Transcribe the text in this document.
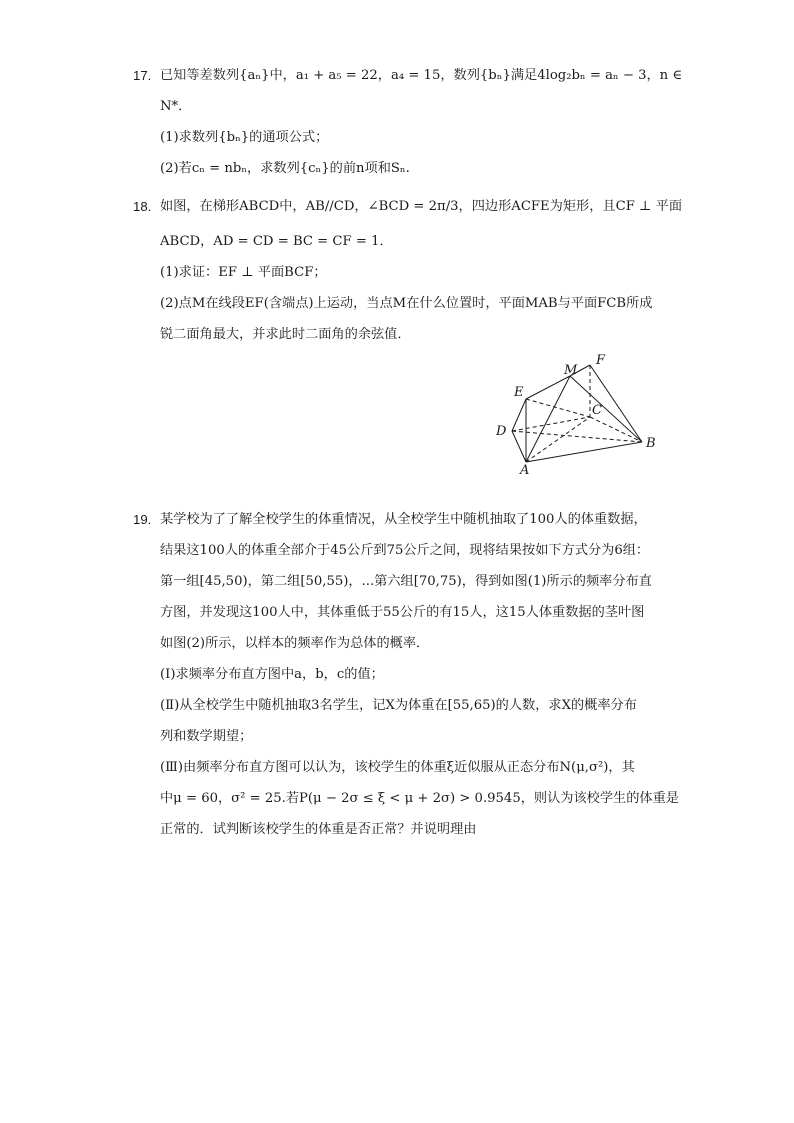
17. 已知等差数列{aₙ}中，a₁ + a₅ = 22，a₄ = 15，数列{bₙ}满足4log₂bₙ = aₙ − 3，n ∈
N*．
(1)求数列{bₙ}的通项公式；
(2)若cₙ = nbₙ，求数列{cₙ}的前n项和Sₙ.
18. 如图，在梯形ABCD中，AB//CD，∠BCD = 2π/3，四边形ACFE为矩形，且CF ⊥ 平面
ABCD，AD = CD = BC = CF = 1．
(1)求证：EF ⊥ 平面BCF；
(2)点M在线段EF(含端点)上运动，当点M在什么位置时，平面MAB与平面FCB所成
锐二面角最大，并求此时二面角的余弦值．
E
M
F
C
D
A
B
19. 某学校为了了解全校学生的体重情况，从全校学生中随机抽取了100人的体重数据，
结果这100人的体重全部介于45公斤到75公斤之间，现将结果按如下方式分为6组：
第一组[45,50)，第二组[50,55)，...第六组[70,75)，得到如图(1)所示的频率分布直
方图，并发现这100人中，其体重低于55公斤的有15人，这15人体重数据的茎叶图
如图(2)所示，以样本的频率作为总体的概率．
(Ⅰ)求频率分布直方图中a，b，c的值；
(Ⅱ)从全校学生中随机抽取3名学生，记X为体重在[55,65)的人数，求X的概率分布
列和数学期望；
(Ⅲ)由频率分布直方图可以认为，该校学生的体重ξ近似服从正态分布N(μ,σ²)，其
中μ = 60，σ² = 25.若P(μ − 2σ ≤ ξ < μ + 2σ) > 0.9545，则认为该校学生的体重是
正常的．试判断该校学生的体重是否正常？并说明理由
